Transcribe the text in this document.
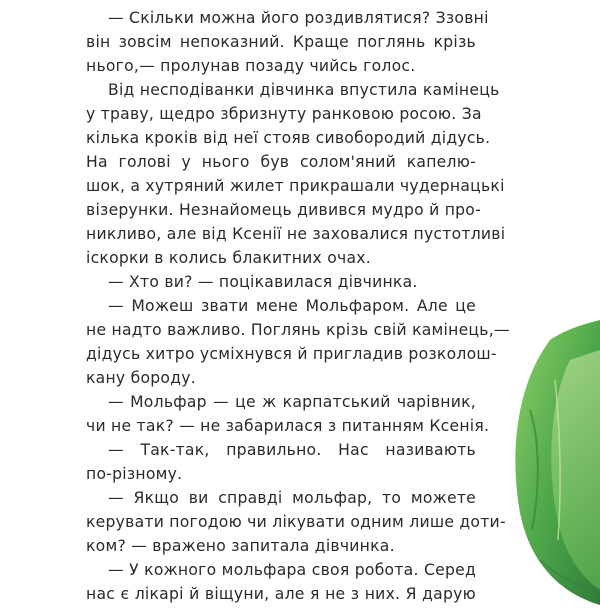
— Скільки можна його роздивлятися? Ззовні
він зовсім непоказний. Краще поглянь крізь
нього,— пролунав позаду чийсь голос.
Від несподіванки дівчинка впустила камінець
у траву, щедро збризнуту ранковою росою. За
кілька кроків від неї стояв сивобородий дідусь.
На голові у нього був солом'яний капелю-
шок, а хутряний жилет прикрашали чудернацькі
візерунки. Незнайомець дивився мудро й про-
никливо, але від Ксенії не заховалися пустотливі
іскорки в колись блакитних очах.
— Хто ви? — поцікавилася дівчинка.
— Можеш звати мене Мольфаром. Але це
не надто важливо. Поглянь крізь свій камінець,—
дідусь хитро усміхнувся й пригладив розколош-
кану бороду.
— Мольфар — це ж карпатський чарівник,
чи не так? — не забарилася з питанням Ксенія.
— Так-так, правильно. Нас називають
по-різному.
— Якщо ви справді мольфар, то можете
керувати погодою чи лікувати одним лише доти-
ком? — вражено запитала дівчинка.
— У кожного мольфара своя робота. Серед
нас є лікарі й віщуни, але я не з них. Я дарую
